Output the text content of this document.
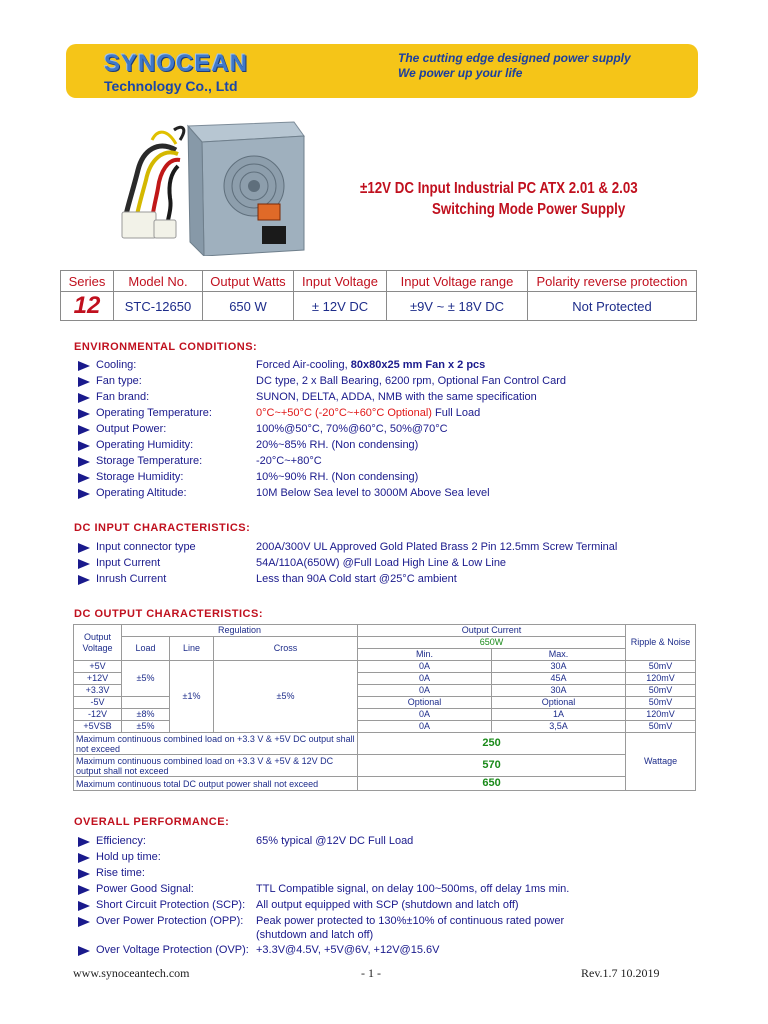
SYNOCEAN
Technology Co., Ltd
The cutting edge designed power supply
We power up your life
±12V DC Input Industrial PC ATX 2.01 & 2.03
Switching Mode Power Supply
Series	Model No.	Output Watts	Input Voltage	Input Voltage range	Polarity reverse protection
12	STC-12650	650 W	± 12V DC	±9V ~ ± 18V DC	Not Protected
ENVIRONMENTAL CONDITIONS:
Cooling:	Forced Air-cooling, 80x80x25 mm Fan x 2 pcs
Fan type:	DC type, 2 x Ball Bearing, 6200 rpm, Optional Fan Control Card
Fan brand:	SUNON, DELTA, ADDA, NMB with the same specification
Operating Temperature:	0°C~+50°C (-20°C~+60°C Optional) Full Load
Output Power:	100%@50°C, 70%@60°C, 50%@70°C
Operating Humidity:	20%~85% RH. (Non condensing)
Storage Temperature:	-20°C~+80°C
Storage Humidity:	10%~90% RH. (Non condensing)
Operating Altitude:	10M Below Sea level to 3000M Above Sea level
DC INPUT CHARACTERISTICS:
Input connector type	200A/300V UL Approved Gold Plated Brass 2 Pin 12.5mm Screw Terminal
Input Current	54A/110A(650W) @Full Load High Line & Low Line
Inrush Current	Less than 90A Cold start @25°C ambient
DC OUTPUT CHARACTERISTICS:
Output Voltage	Regulation			Output Current		Ripple & Noise
	Load	Line	Cross	650W		
				Min.	Max.	
+5V	±5%	±1%	±5%	0A	30A	50mV
+12V				0A	45A	120mV
+3.3V				0A	30A	50mV
-5V				Optional	Optional	50mV
-12V	±8%			0A	1A	120mV
+5VSB	±5%			0A	3,5A	50mV
Maximum continuous combined load on +3.3 V & +5V DC output shall not exceed				250		Wattage
Maximum continuous combined load on +3.3 V & +5V & 12V DC output shall not exceed				570		
Maximum continuous total DC output power shall not exceed				650		
OVERALL PERFORMANCE:
Efficiency:	65% typical @12V DC Full Load
Hold up time:
Rise time:
Power Good Signal:	TTL Compatible signal, on delay 100~500ms, off delay 1ms min.
Short Circuit Protection (SCP): All output equipped with SCP (shutdown and latch off)
Over Power Protection (OPP): Peak power protected to 130%±10% of continuous rated power
(shutdown and latch off)
Over Voltage Protection (OVP): +3.3V@4.5V, +5V@6V, +12V@15.6V
www.synoceantech.com	- 1 -	Rev.1.7 10.2019
